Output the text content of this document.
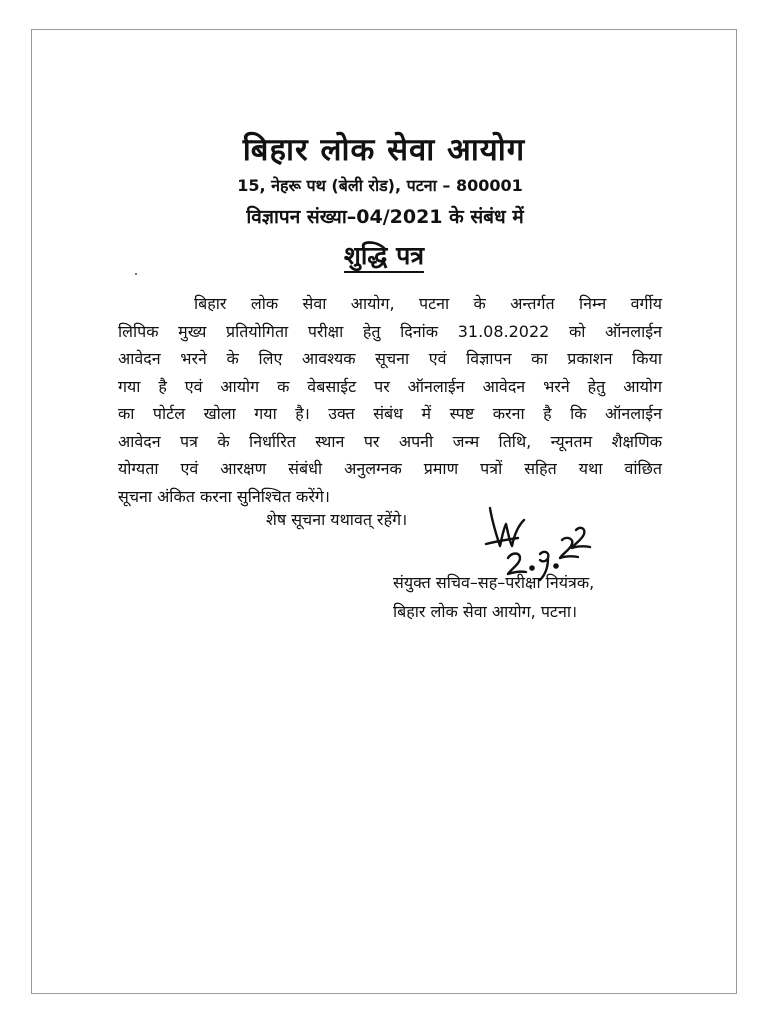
बिहार लोक सेवा आयोग
15, नेहरू पथ (बेली रोड), पटना – 800001
विज्ञापन संख्या–04/2021 के संबंध में
शुद्धि पत्र
बिहार लोक सेवा आयोग, पटना के अन्तर्गत निम्न वर्गीय
लिपिक मुख्य प्रतियोगिता परीक्षा हेतु दिनांक 31.08.2022 को ऑनलाईन
आवेदन भरने के लिए आवश्यक सूचना एवं विज्ञापन का प्रकाशन किया
गया है एवं आयोग क वेबसाईट पर ऑनलाईन आवेदन भरने हेतु आयोग
का पोर्टल खोला गया है। उक्त संबंध में स्पष्ट करना है कि ऑनलाईन
आवेदन पत्र के निर्धारित स्थान पर अपनी जन्म तिथि, न्यूनतम शैक्षणिक
योग्यता एवं आरक्षण संबंधी अनुलग्नक प्रमाण पत्रों सहित यथा वांछित
सूचना अंकित करना सुनिश्चित करेंगे।
शेष सूचना यथावत् रहेंगे।
संयुक्त सचिव–सह–परीक्षा नियंत्रक,
बिहार लोक सेवा आयोग, पटना।
